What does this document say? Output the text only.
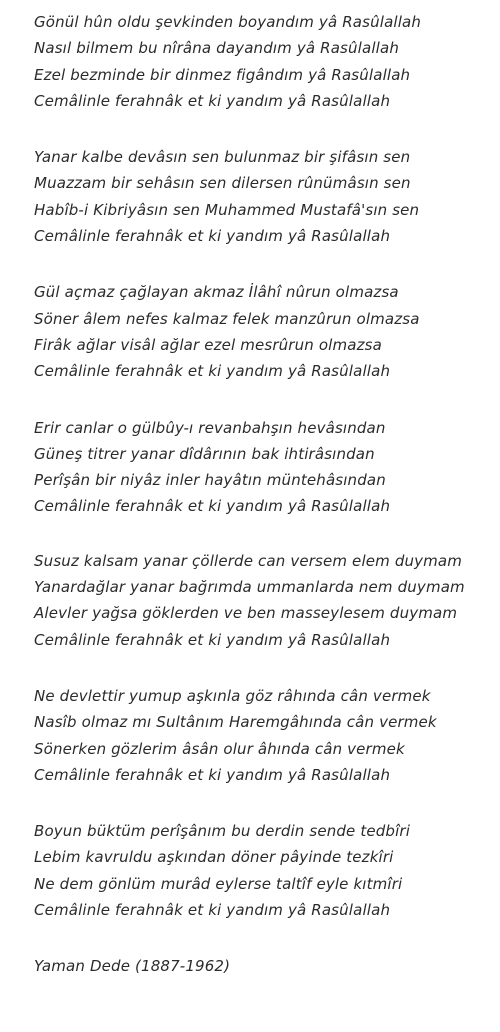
Gönül hûn oldu şevkinden boyandım yâ Rasûlallah
Nasıl bilmem bu nîrâna dayandım yâ Rasûlallah
Ezel bezminde bir dinmez figândım yâ Rasûlallah
Cemâlinle ferahnâk et ki yandım yâ Rasûlallah
Yanar kalbe devâsın sen bulunmaz bir şifâsın sen
Muazzam bir sehâsın sen dilersen rûnümâsın sen
Habîb-i Kibriyâsın sen Muhammed Mustafâ'sın sen
Cemâlinle ferahnâk et ki yandım yâ Rasûlallah
Gül açmaz çağlayan akmaz İlâhî nûrun olmazsa
Söner âlem nefes kalmaz felek manzûrun olmazsa
Firâk ağlar visâl ağlar ezel mesrûrun olmazsa
Cemâlinle ferahnâk et ki yandım yâ Rasûlallah
Erir canlar o gülbûy-ı revanbahşın hevâsından
Güneş titrer yanar dîdârının bak ihtirâsından
Perîşân bir niyâz inler hayâtın müntehâsından
Cemâlinle ferahnâk et ki yandım yâ Rasûlallah
Susuz kalsam yanar çöllerde can versem elem duymam
Yanardağlar yanar bağrımda ummanlarda nem duymam
Alevler yağsa göklerden ve ben masseylesem duymam
Cemâlinle ferahnâk et ki yandım yâ Rasûlallah
Ne devlettir yumup aşkınla göz râhında cân vermek
Nasîb olmaz mı Sultânım Haremgâhında cân vermek
Sönerken gözlerim âsân olur âhında cân vermek
Cemâlinle ferahnâk et ki yandım yâ Rasûlallah
Boyun büktüm perîşânım bu derdin sende tedbîri
Lebim kavruldu aşkından döner pâyinde tezkîri
Ne dem gönlüm murâd eylerse taltîf eyle kıtmîri
Cemâlinle ferahnâk et ki yandım yâ Rasûlallah
Yaman Dede (1887-1962)
